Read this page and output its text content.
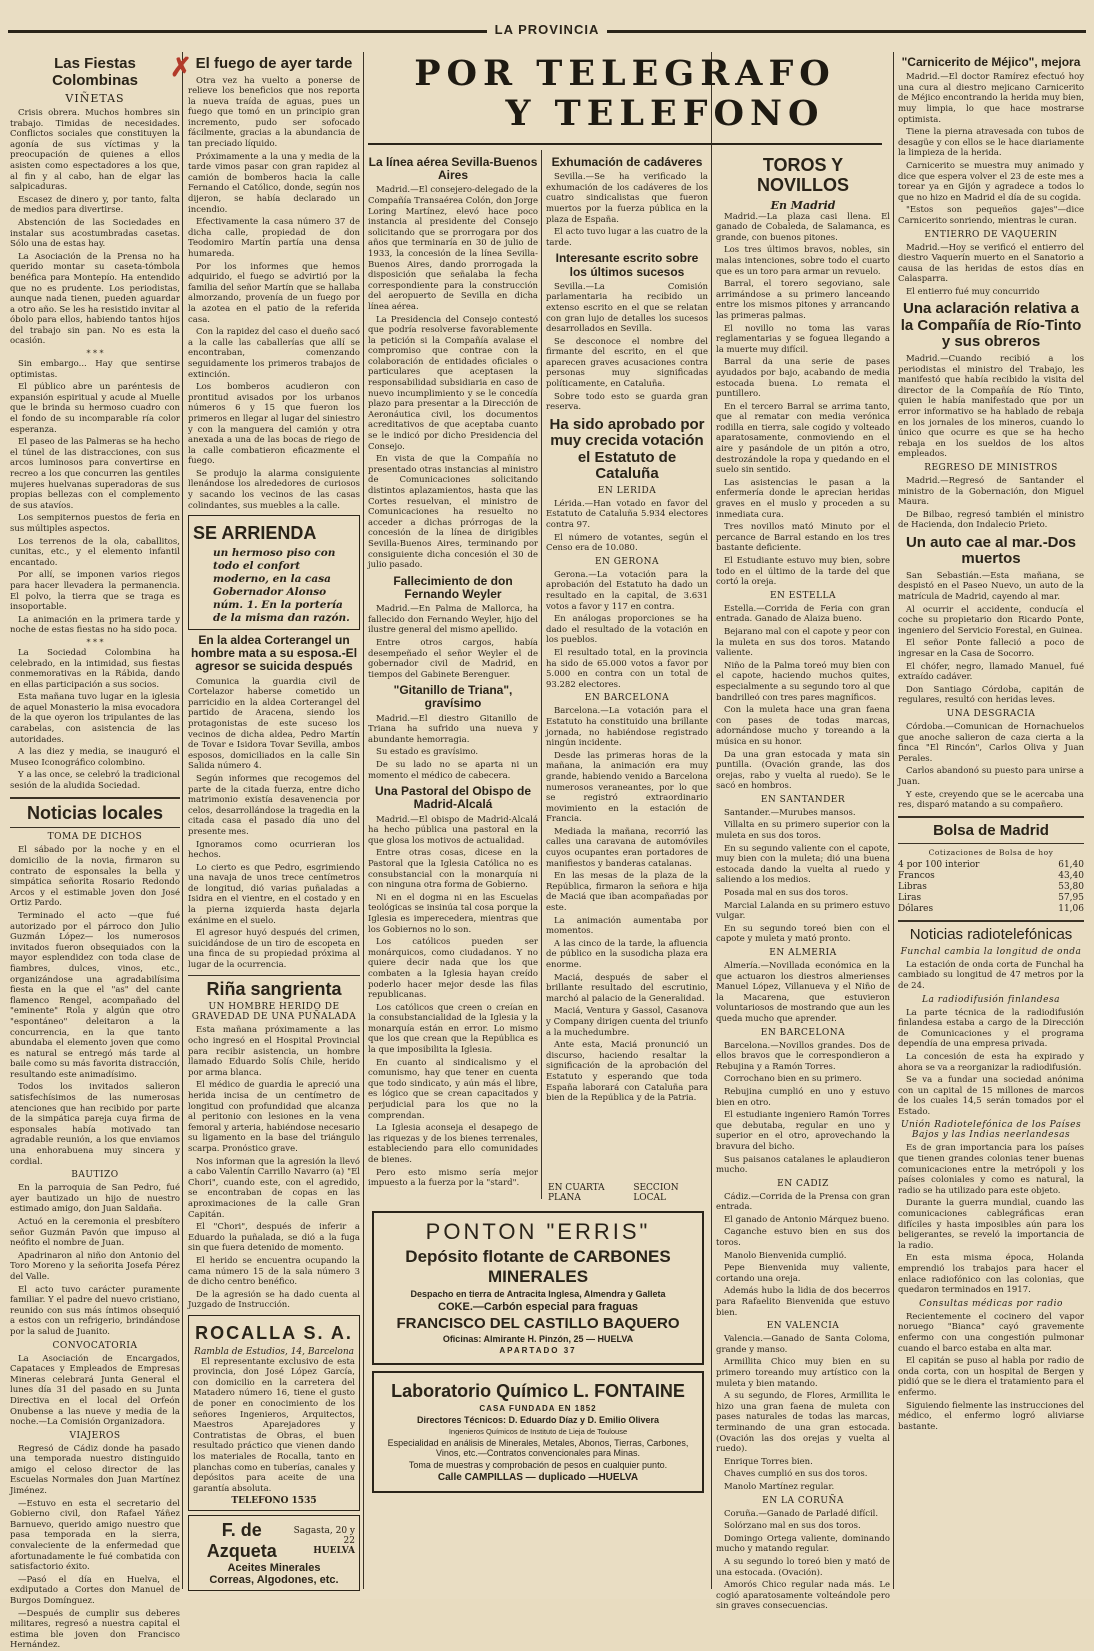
LA PROVINCIA
Las Fiestas Colombinas
VIÑETAS

Crisis obrera. Muchos hombres sin trabajo. Timidas de necesidades. Conflictos sociales que constituyen la agonía de sus víctimas y la preocupación de quienes a ellos asisten como espectadores a los que, al fin y al cabo, han de elgar las salpicaduras.

Escasez de dinero y, por tanto, falta de medios para divertirse.

Abstención de las Sociedades en instalar sus acostumbradas casetas. Sólo una de estas hay.

La Asociación de la Prensa no ha querido montar su caseta-tómbola benéfica para Montepío. Ha entendido que no es prudente. Los periodistas, aunque nada tienen, pueden aguardar a otro año. Se les ha resistido invitar al óbolo para ellos, habiendo tantos hijos del trabajo sin pan. No es esta la ocasión.

* * *

Sin embargo... Hay que sentirse optimistas.

El público abre un paréntesis de expansión espiritual y acude al Muelle que le brinda su hermoso cuadro con el fondo de su incomparable ría color esperanza.

El paseo de las Palmeras se ha hecho el túnel de las distracciones, con sus arcos luminosos para convertirse en recreo a los que concurren las gentiles mujeres huelvanas superadoras de sus propias bellezas con el complemento de sus atavíos.

Los sempiternos puestos de feria en sus múltiples aspectos.

Los terrenos de la ola, caballitos, cunitas, etc., y el elemento infantil encantado.

Por allí, se imponen varios riegos para hacer llevadera la permanencia. El polvo, la tierra que se traga es insoportable.

La animación en la primera tarde y noche de estas fiestas no ha sido poca.

* * *

La Sociedad Colombina ha celebrado, en la intimidad, sus fiestas conmemorativas en la Rábida, dando en ellas participación a sus socios.

Esta mañana tuvo lugar en la iglesia de aquel Monasterio la misa evocadora de la que oyeron los tripulantes de las carabelas, con asistencia de las autoridades.

A las diez y media, se inauguró el Museo Iconográfico colombino.

Y a las once, se celebró la tradicional sesión de la aludida Sociedad.

Noticias locales
TOMA DE DICHOS

El sábado por la noche y en el domicilio de la novia, firmaron su contrato de esponsales la bella y simpática señorita Rosario Redondo Arcos y el estimable joven don José Ortiz Pardo.

Terminado el acto —que fué autorizado por el párroco don Julio Guzmán López— los numerosos invitados fueron obsequiados con la mayor esplendidez con toda clase de fiambres, dulces, vinos, etc., organizándose una agradabilísima fiesta en la que el "as" del cante flamenco Rengel, acompañado del "eminente" Rola y algún que otro "espontáneo" deleitaron a la concurrencia, en la que tanto abundaba el elemento joven que como es natural se entregó más tarde al baile como su más favorita distracción, resultando este animadísimo.

Todos los invitados salieron satisfechísimos de las numerosas atenciones que han recibido por parte de la simpática pareja cuya firma de esponsales había motivado tan agradable reunión, a los que enviamos una enhorabuena muy sincera y cordial.

BAUTIZO

En la parroquia de San Pedro, fué ayer bautizado un hijo de nuestro estimado amigo, don Juan Saldaña.

Actuó en la ceremonia el presbítero señor Guzmán Pavón que impuso al neófito el nombre de Juan.

Apadrinaron al niño don Antonio del Toro Moreno y la señorita Josefa Pérez del Valle.

El acto tuvo carácter puramente familiar. Y el padre del nuevo cristiano, reunido con sus más íntimos obsequió a estos con un refrigerio, brindándose por la salud de Juanito.

CONVOCATORIA

La Asociación de Encargados, Capataces y Empleados de Empresas Mineras celebrará Junta General el lunes día 31 del pasado en su Junta Directiva en el local del Orfeón Onubense a las nueve y media de la noche.—La Comisión Organizadora.

VIAJEROS

Regresó de Cádiz donde ha pasado una temporada nuestro distinguido amigo el celoso director de las Escuelas Normales don Juan Martínez Jiménez.

—Estuvo en esta el secretario del Gobierno civil, don Rafael Yáñez Barnuevo, querido amigo nuestro que pasa temporada en la sierra, convaleciente de la enfermedad que afortunadamente le fué combatida con satisfactorio éxito.

—Pasó el día en Huelva, el exdiputado a Cortes don Manuel de Burgos Domínguez.

—Después de cumplir sus deberes militares, regresó a nuestra capital el estima ble joven don Francisco Hernández.

✗ El fuego de ayer tarde

Otra vez ha vuelto a ponerse de relieve los beneficios que nos reporta la nueva traída de aguas, pues un fuego que tomó en un principio gran incremento, pudo ser sofocado fácilmente, gracias a la abundancia de tan preciado líquido.

Próximamente a la una y media de la tarde vimos pasar con gran rapidez al camión de bomberos hacia la calle Fernando el Católico, donde, según nos dijeron, se había declarado un incendio.

Efectivamente la casa número 37 de dicha calle, propiedad de don Teodomiro Martín partía una densa humareda.

Por los informes que hemos adquirido, el fuego se advirtió por la familia del señor Martín que se hallaba almorzando, provenía de un fuego por la azotea en el patio de la referida casa.

Con la rapidez del caso el dueño sacó a la calle las caballerías que allí se encontraban, comenzando seguidamente los primeros trabajos de extinción.

Los bomberos acudieron con prontitud avisados por los urbanos números 6 y 15 que fueron los primeros en llegar al lugar del siniestro y con la manguera del camión y otra anexada a una de las bocas de riego de la calle combatieron eficazmente el fuego.

Se produjo la alarma consiguiente llenándose los alrededores de curiosos y sacando los vecinos de las casas colindantes, sus muebles a la calle.

SE ARRIENDA
un hermoso piso con todo el confort moderno, en la casa Gobernador Alonso núm. 1. En la portería de la misma dan razón.
En la aldea Corterangel un hombre mata a su esposa.-El agresor se suicida después

Comunica la guardia civil de Cortelazor haberse cometido un parricidio en la aldea Corterangel del partido de Aracena, siendo los protagonistas de este suceso los vecinos de dicha aldea, Pedro Martín de Tovar e Isidora Tovar Sevilla, ambos esposos, domiciliados en la calle Sin Salida número 4.

Según informes que recogemos del parte de la citada fuerza, entre dicho matrimonio existía desavenencia por celos, desarrollándose la tragedia en la citada casa el pasado día uno del presente mes.

Ignoramos como ocurrieran los hechos.

Lo cierto es que Pedro, esgrimiendo una navaja de unos trece centímetros de longitud, dió varias puñaladas a Isidra en el vientre, en el costado y en la pierna izquierda hasta dejarla exánime en el suelo.

El agresor huyó después del crimen, suicidándose de un tiro de escopeta en una finca de su propiedad próxima al lugar de la ocurrencia.

Riña sangrienta
UN HOMBRE HERIDO DE GRAVEDAD DE UNA PUÑALADA

Esta mañana próximamente a las ocho ingresó en el Hospital Provincial para recibir asistencia, un hombre llamado Eduardo Solís Chile, herido por arma blanca.

El médico de guardia le apreció una herida incisa de un centímetro de longitud con profundidad que alcanza al peritonio con lesiones en la vena femoral y arteria, habiéndose necesario su ligamento en la base del triángulo scarpa. Pronóstico grave.

Nos informan que la agresión la llevó a cabo Valentín Carrillo Navarro (a) "El Chori", cuando este, con el agredido, se encontraban de copas en las aproximaciones de la calle Gran Capitán.

El "Chori", después de inferir a Eduardo la puñalada, se dió a la fuga sin que fuera detenido de momento.

El herido se encuentra ocupando la cama número 15 de la sala número 3 de dicho centro benéfico.

De la agresión se ha dado cuenta al Juzgado de Instrucción.

ROCALLA S. A.
Rambla de Estudios, 14, Barcelona

El representante exclusivo de esta provincia, don José López García, con domicilio en la carretera del Matadero número 16, tiene el gusto de poner en conocimiento de los señores Ingenieros, Arquitectos, Maestros Aparejadores y Contratistas de Obras, el buen resultado práctico que vienen dando los materiales de Rocalla, tanto en planchas como en tuberías, canales y depósitos para aceite de una garantía absoluta.

TELEFONO 1535
F. de Azqueta
Sagasta, 20 y 22
HUELVA
Aceites Minerales
Correas, Algodones, etc.
POR TELEGRAFO
Y TELEFONO
La línea aérea Sevilla-Buenos Aires

Madrid.—El consejero-delegado de la Compañía Transaérea Colón, don Jorge Loring Martínez, elevó hace poco instancia al presidente del Consejo solicitando que se prorrogara por dos años que terminaría en 30 de julio de 1933, la concesión de la línea Sevilla-Buenos Aires, dando prorrogada la disposición que señalaba la fecha correspondiente para la construcción del aeropuerto de Sevilla en dicha línea aérea.

La Presidencia del Consejo contestó que podría resolverse favorablemente la petición si la Compañía avalase el compromiso que contrae con la colaboración de entidades oficiales o particulares que aceptasen la responsabilidad subsidiaria en caso de nuevo incumplimiento y se le concedía plazo para presentar a la Dirección de Aeronáutica civil, los documentos acreditativos de que aceptaba cuanto se le indicó por dicho Presidencia del Consejo.

En vista de que la Compañía no presentado otras instancias al ministro de Comunicaciones solicitando distintos aplazamientos, hasta que las Cortes resuelvan, el ministro de Comunicaciones ha resuelto no acceder a dichas prórrogas de la concesión de la línea de dirigibles Sevilla-Buenos Aires, terminando por consiguiente dicha concesión el 30 de julio pasado.

Fallecimiento de don Fernando Weyler

Madrid.—En Palma de Mallorca, ha fallecido don Fernando Weyler, hijo del ilustre general del mismo apellido.

Entre otros cargos, había desempeñado el señor Weyler el de gobernador civil de Madrid, en tiempos del Gabinete Berenguer.

"Gitanillo de Triana", gravísimo

Madrid.—El diestro Gitanillo de Triana ha sufrido una nueva y abundante hemorragia.

Su estado es gravísimo.

De su lado no se aparta ni un momento el médico de cabecera.

Una Pastoral del Obispo de Madrid-Alcalá

Madrid.—El obispo de Madrid-Alcalá ha hecho pública una pastoral en la que glosa los motivos de actualidad.

Entre otras cosas, dicese en la Pastoral que la Iglesia Católica no es consubstancial con la monarquía ni con ninguna otra forma de Gobierno.

Ni en el dogma ni en las Escuelas teológicas se insinúa tal cosa porque la Iglesia es imperecedera, mientras que los Gobiernos no lo son.

Los católicos pueden ser monárquicos, como ciudadanos. Y no quiere decir nada que los que combaten a la Iglesia hayan creído poderlo hacer mejor desde las filas republicanas.

Los católicos que creen o creían en la consubstancialidad de la Iglesia y la monarquía están en error. Lo mismo que los que crean que la República es la que imposibilita la Iglesia.

En cuanto al sindicalismo y el comunismo, hay que tener en cuenta que todo sindicato, y aún más el libre, es lógico que se crean capacitados y perjudicial para los que no la comprendan.

La Iglesia aconseja el desapego de las riquezas y de los bienes terrenales, estableciendo para ello comunidades de bienes.

Pero esto mismo sería mejor impuesto a la fuerza por la "stard".

Exhumación de cadáveres

Sevilla.—Se ha verificado la exhumación de los cadáveres de los cuatro sindicalistas que fueron muertos por la fuerza pública en la plaza de España.

El acto tuvo lugar a las cuatro de la tarde.

Interesante escrito sobre los últimos sucesos

Sevilla.—La Comisión parlamentaria ha recibido un extenso escrito en el que se relatan con gran lujo de detalles los sucesos desarrollados en Sevilla.

Se desconoce el nombre del firmante del escrito, en el que aparecen graves acusaciones contra personas muy significadas políticamente, en Cataluña.

Sobre todo esto se guarda gran reserva.

Ha sido aprobado por muy crecida votación el Estatuto de Cataluña
EN LERIDA

Lérida.—Han votado en favor del Estatuto de Cataluña 5.934 electores contra 97.

El número de votantes, según el Censo era de 10.080.

EN GERONA

Gerona.—La votación para la aprobación del Estatuto ha dado un resultado en la capital, de 3.631 votos a favor y 117 en contra.

En análogas proporciones se ha dado el resultado de la votación en los pueblos.

El resultado total, en la provincia ha sido de 65.000 votos a favor por 5.000 en contra con un total de 93.282 electores.

EN BARCELONA

Barcelona.—La votación para el Estatuto ha constituido una brillante jornada, no habiéndose registrado ningún incidente.

Desde las primeras horas de la mañana, la animación era muy grande, habiendo venido a Barcelona numerosos veraneantes, por lo que se registró extraordinario movimiento en la estación de Francia.

Mediada la mañana, recorrió las calles una caravana de automóviles cuyos ocupantes eran portadores de manifiestos y banderas catalanas.

En las mesas de la plaza de la República, firmaron la señora e hija de Maciá que iban acompañadas por este.

La animación aumentaba por momentos.

A las cinco de la tarde, la afluencia de público en la susodicha plaza era enorme.

Maciá, después de saber el brillante resultado del escrutinio, marchó al palacio de la Generalidad.

Maciá, Ventura y Gassol, Casanova y Company dirigen cuenta del triunfo a la muchedumbre.

Ante esta, Maciá pronunció un discurso, haciendo resaltar la significación de la aprobación del Estatuto y esperando que toda España laborará con Cataluña para bien de la República y de la Patria.

EN CUARTA PLANA
SECCION LOCAL
PONTON "ERRIS"
Depósito flotante de CARBONES MINERALES
Despacho en tierra de Antracita Inglesa, Almendra y Galleta
COKE.—Carbón especial para fraguas
FRANCISCO DEL CASTILLO BAQUERO
Oficinas: Almirante H. Pinzón, 25 — HUELVA
APARTADO 37
Laboratorio Químico L. FONTAINE
CASA FUNDADA EN 1852
Directores Técnicos: D. Eduardo Díaz y D. Emilio Olivera
Ingenieros Químicos de Instituto de Lieja de Toulouse
Especialidad en análisis de Minerales, Metales, Abonos, Tierras, Carbones, Vinos, etc.—Contratos convencionales para Minas.
Toma de muestras y comprobación de pesos en cualquier punto.
Calle CAMPILLAS — duplicado —HUELVA
TOROS Y NOVILLOS
En Madrid

Madrid.—La plaza casi llena. El ganado de Cobaleda, de Salamanca, es grande, con buenos pitones.

Los tres últimos bravos, nobles, sin malas intenciones, sobre todo el cuarto que es un toro para armar un revuelo.

Barral, el torero segoviano, sale arrimándose a su primero lanceando entre los mismos pitones y arrancando las primeras palmas.

El novillo no toma las varas reglamentarias y se foguea llegando a la muerte muy difícil.

Barral da una serie de pases ayudados por bajo, acabando de media estocada buena. Lo remata el puntillero.

En el tercero Barral se arrima tanto, que al rematar con media verónica rodilla en tierra, sale cogido y volteado aparatosamente, conmoviendo en el aire y pasándole de un pitón a otro, destrozándole la ropa y quedando en el suelo sin sentido.

Las asistencias le pasan a la enfermería donde le aprecian heridas graves en el muslo y proceden a su inmediata cura.

Tres novillos mató Minuto por el percance de Barral estando en los tres bastante deficiente.

El Estudiante estuvo muy bien, sobre todo en el último de la tarde del que cortó la oreja.

EN ESTELLA

Estella.—Corrida de Feria con gran entrada. Ganado de Alaiza bueno.

Bejarano mal con el capote y peor con la muleta en sus dos toros. Matando valiente.

Niño de la Palma toreó muy bien con el capote, haciendo muchos quites, especialmente a su segundo toro al que bandrilleó con tres pares magníficos.

Con la muleta hace una gran faena con pases de todas marcas, adornándose mucho y toreando a la música en su honor.

Da una gran estocada y mata sin puntilla. (Ovación grande, las dos orejas, rabo y vuelta al ruedo). Se le sacó en hombros.

EN SANTANDER

Santander.—Murubes mansos.

Villalta en su primero superior con la muleta en sus dos toros.

En su segundo valiente con el capote, muy bien con la muleta; dió una buena estocada dando la vuelta al ruedo y saliendo a los medios.

Posada mal en sus dos toros.

Marcial Lalanda en su primero estuvo vulgar.

En su segundo toreó bien con el capote y muleta y mató pronto.

EN ALMERIA

Almería.—Novillada económica en la que actuaron los diestros almerienses Manuel López, Villanueva y el Niño de la Macarena, que estuvieron voluntariosos de mostrando que aun les queda mucho que aprender.

EN BARCELONA

Barcelona.—Novillos grandes. Dos de ellos bravos que le correspondieron a Rebujina y a Ramón Torres.

Corrochano bien en su primero.

Rebujina cumplió en uno y estuvo bien en otro.

El estudiante ingeniero Ramón Torres que debutaba, regular en uno y superior en el otro, aprovechando la bravura del bicho.

Sus paisanos catalanes le aplaudieron mucho.

EN CADIZ

Cádiz.—Corrida de la Prensa con gran entrada.

El ganado de Antonio Márquez bueno.

Caganche estuvo bien en sus dos toros.

Manolo Bienvenida cumplió.

Pepe Bienvenida muy valiente, cortando una oreja.

Además hubo la lidia de dos becerros para Rafaelito Bienvenida que estuvo bien.

EN VALENCIA

Valencia.—Ganado de Santa Coloma, grande y manso.

Armillita Chico muy bien en su primero toreando muy artístico con la muleta y bien matando.

A su segundo, de Flores, Armillita le hizo una gran faena de muleta con pases naturales de todas las marcas, terminando de una gran estocada. (Ovación las dos orejas y vuelta al ruedo).

Enrique Torres bien.

Chaves cumplió en sus dos toros.

Manolo Martínez regular.

EN LA CORUÑA

Coruña.—Ganado de Parladé difícil.

Solórzano mal en sus dos toros.

Domingo Ortega valiente, dominando mucho y matando regular.

A su segundo lo toreó bien y mató de una estocada. (Ovación).

Amorós Chico regular nada más. Le cogió aparatosamente volteándole pero sin graves consecuencias.

"Carnicerito de Méjico", mejora

Madrid.—El doctor Ramírez efectuó hoy una cura al diestro mejicano Carnicerito de Méjico encontrando la herida muy bien, muy limpia, lo que hace mostrarse optimista.

Tiene la pierna atravesada con tubos de desagüe y con ellos se le hace diariamente la limpieza de la herida.

Carnicerito se muestra muy animado y dice que espera volver el 23 de este mes a torear ya en Gijón y agradece a todos lo que no hizo en Madrid el día de su cogida.

"Estos son pequeños gajes"—dice Carnicerito sonriendo, mientras le curan.

ENTIERRO DE VAQUERIN

Madrid.—Hoy se verificó el entierro del diestro Vaquerín muerto en el Sanatorio a causa de las heridas de estos días en Calasparra.

El entierro fué muy concurrido

Una aclaración relativa a la Compañía de Río-Tinto y sus obreros

Madrid.—Cuando recibió a los periodistas el ministro del Trabajo, les manifestó que había recibido la visita del director de la Compañía de Río Tinto, quien le había manifestado que por un error informativo se ha hablado de rebaja en los jornales de los mineros, cuando lo único que ocurre es que se ha hecho rebaja en los sueldos de los altos empleados.

REGRESO DE MINISTROS

Madrid.—Regresó de Santander el ministro de la Gobernación, don Miguel Maura.

De Bilbao, regresó también el ministro de Hacienda, don Indalecio Prieto.

Un auto cae al mar.-Dos muertos

San Sebastián.—Esta mañana, se despistó en el Paseo Nuevo, un auto de la matrícula de Madrid, cayendo al mar.

Al ocurrir el accidente, conducía el coche su propietario don Ricardo Ponte, ingeniero del Servicio Forestal, en Guinea.

El señor Ponte falleció a poco de ingresar en la Casa de Socorro.

El chófer, negro, llamado Manuel, fué extraído cadáver.

Don Santiago Córdoba, capitán de regulares, resultó con heridas leves.

UNA DESGRACIA

Córdoba.—Comunican de Hornachuelos que anoche salieron de caza cierta a la finca "El Rincón", Carlos Oliva y Juan Perales.

Carlos abandonó su puesto para unirse a Juan.

Y este, creyendo que se le acercaba una res, disparó matando a su compañero.

Bolsa de Madrid
Cotizaciones de Bolsa de hoy
4 por 100 interior	61,40
Francos	43,40
Libras	53,80
Liras	57,95
Dólares	11,06
Noticias radiotelefónicas
Funchal cambia la longitud de onda

La estación de onda corta de Funchal ha cambiado su longitud de 47 metros por la de 24.

La radiodifusión finlandesa

La parte técnica de la radiodifusión finlandesa estaba a cargo de la Dirección de Comunicaciones y el programa dependía de una empresa privada.

La concesión de esta ha expirado y ahora se va a reorganizar la radiodifusión.

Se va a fundar una sociedad anónima con un capital de 15 millones de marcos de los cuales 14,5 serán tomados por el Estado.

Unión Radiotelefónica de los Países Bajos y las Indias neerlandesas

Es de gran importancia para los países que tienen grandes colonias tener buenas comunicaciones entre la metrópoli y los países coloniales y como es natural, la radio se ha utilizado para este objeto.

Durante la guerra mundial, cuando las comunicaciones cablegráficas eran difíciles y hasta imposibles aún para los beligerantes, se reveló la importancia de la radio.

En esta misma época, Holanda emprendió los trabajos para hacer el enlace radiofónico con las colonias, que quedaron terminados en 1917.

Consultas médicas por radio

Recientemente el cocinero del vapor noruego "Bianca" cayó gravemente enfermo con una congestión pulmonar cuando el barco estaba en alta mar.

El capitán se puso al habla por radio de onda corta, con un hospital de Bergen y pidió que se le diera el tratamiento para el enfermo.

Siguiendo fielmente las instrucciones del médico, el enfermo logró aliviarse bastante.
